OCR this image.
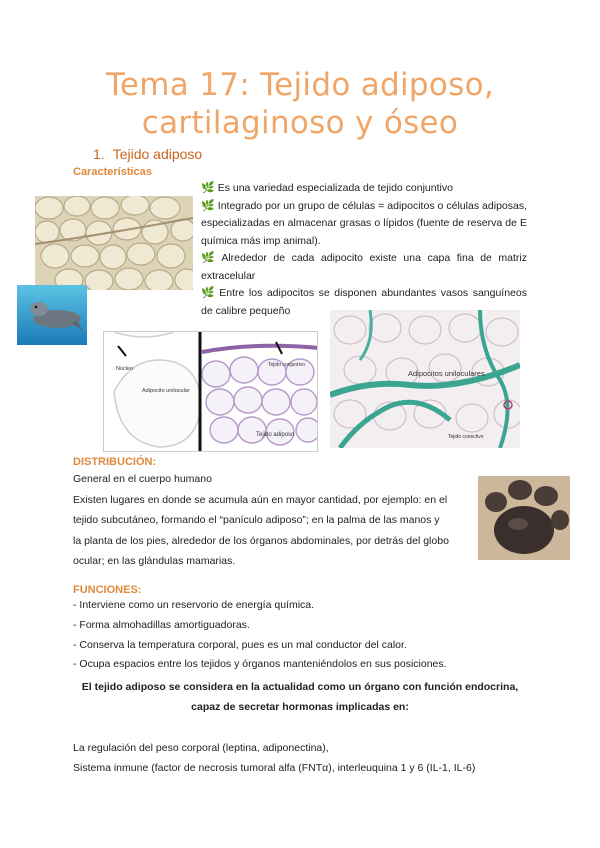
Tema 17: Tejido adiposo,
cartilaginoso y óseo
1. Tejido adiposo
Características

🌿 Es una variedad especializada de tejido conjuntivo

🌿 Integrado por un grupo de células = adipocitos o células adiposas, especializadas en almacenar grasas o lípidos (fuente de reserva de E química más imp animal).

🌿 Alrededor de cada adipocito existe una capa fina de matriz extracelular

🌿 Entre los adipocitos se disponen abundantes vasos sanguíneos de calibre pequeño

Núcleo
Tejido conjuntivo
Adipocito unilocular
Tejido adiposo
Adipocitos uniloculares
Tejido conectivo
DISTRIBUCIÓN:
General en el cuerpo humano
Existen lugares en donde se acumula aún en mayor cantidad, por ejemplo: en el
tejido subcutáneo, formando el “panículo adiposo”; en la palma de las manos y
la planta de los pies, alrededor de los órganos abdominales, por detrás del globo
ocular; en las glándulas mamarias.
FUNCIONES:
- Interviene como un reservorio de energía química.
- Forma almohadillas amortiguadoras.
- Conserva la temperatura corporal, pues es un mal conductor del calor.
- Ocupa espacios entre los tejidos y órganos manteniéndolos en sus posiciones.
El tejido adiposo se considera en la actualidad como un órgano con función endocrina,
capaz de secretar hormonas implicadas en:
La regulación del peso corporal (leptina, adiponectina),
Sistema inmune (factor de necrosis tumoral alfa (FNTα), interleuquina 1 y 6 (IL-1, IL-6)
